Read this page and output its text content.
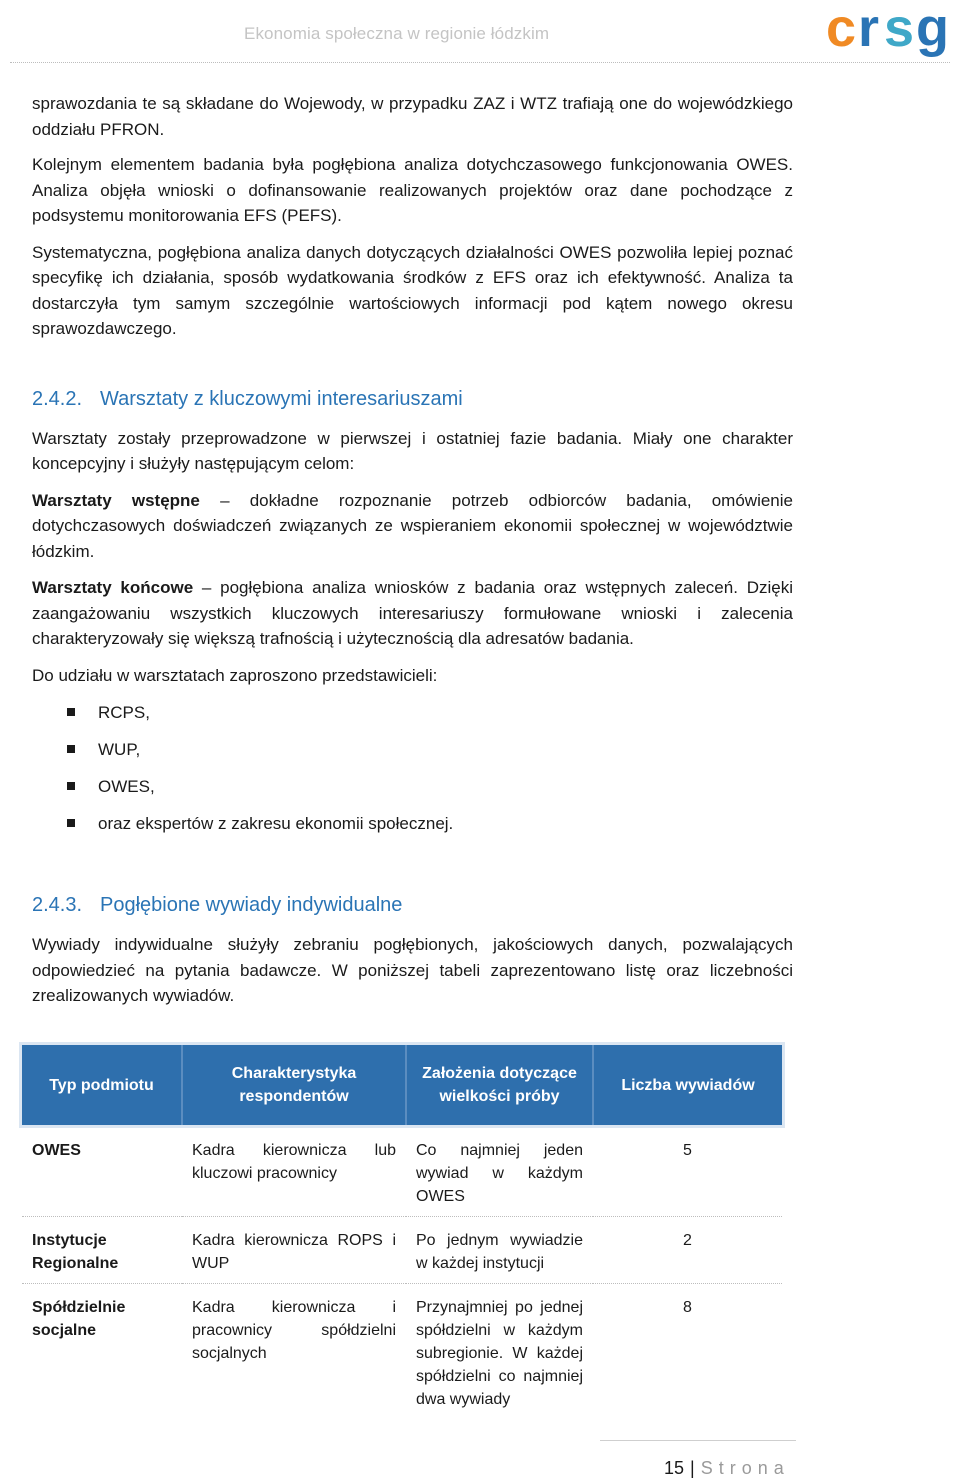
Ekonomia społeczna w regionie łódzkim	c r s g

sprawozdania te są składane do Wojewody, w przypadku ZAZ i WTZ trafiają one do wojewódzkiego oddziału PFRON.

Kolejnym elementem badania była pogłębiona analiza dotychczasowego funkcjonowania OWES. Analiza objęła wnioski o dofinansowanie realizowanych projektów oraz dane pochodzące z podsystemu monitorowania EFS (PEFS).

Systematyczna, pogłębiona analiza danych dotyczących działalności OWES pozwoliła lepiej poznać specyfikę ich działania, sposób wydatkowania środków z EFS oraz ich efektywność. Analiza ta dostarczyła tym samym szczególnie wartościowych informacji pod kątem nowego okresu sprawozdawczego.

2.4.2. Warsztaty z kluczowymi interesariuszami

Warsztaty zostały przeprowadzone w pierwszej i ostatniej fazie badania. Miały one charakter koncepcyjny i służyły następującym celom:

Warsztaty wstępne – dokładne rozpoznanie potrzeb odbiorców badania, omówienie dotychczasowych doświadczeń związanych ze wspieraniem ekonomii społecznej w województwie łódzkim.

Warsztaty końcowe – pogłębiona analiza wniosków z badania oraz wstępnych zaleceń. Dzięki zaangażowaniu wszystkich kluczowych interesariuszy formułowane wnioski i zalecenia charakteryzowały się większą trafnością i użytecznością dla adresatów badania.

Do udziału w warsztatach zaproszono przedstawicieli:

RCPS,
WUP,
OWES,
oraz ekspertów z zakresu ekonomii społecznej.
2.4.3. Pogłębione wywiady indywidualne

Wywiady indywidualne służyły zebraniu pogłębionych, jakościowych danych, pozwalających odpowiedzieć na pytania badawcze. W poniższej tabeli zaprezentowano listę oraz liczebności zrealizowanych wywiadów.

Typ podmiotu	Charakterystyka respondentów	Założenia dotyczące wielkości próby	Liczba wywiadów
OWES	Kadra kierownicza lub kluczowi pracownicy	Co najmniej jeden wywiad w każdym OWES	5
Instytucje Regionalne	Kadra kierownicza ROPS i WUP	Po jednym wywiadzie w każdej instytucji	2
Spółdzielnie socjalne	Kadra kierownicza i pracownicy spółdzielni socjalnych	Przynajmniej po jednej spółdzielni w każdym subregionie. W każdej spółdzielni co najmniej dwa wywiady	8
15 | Strona
